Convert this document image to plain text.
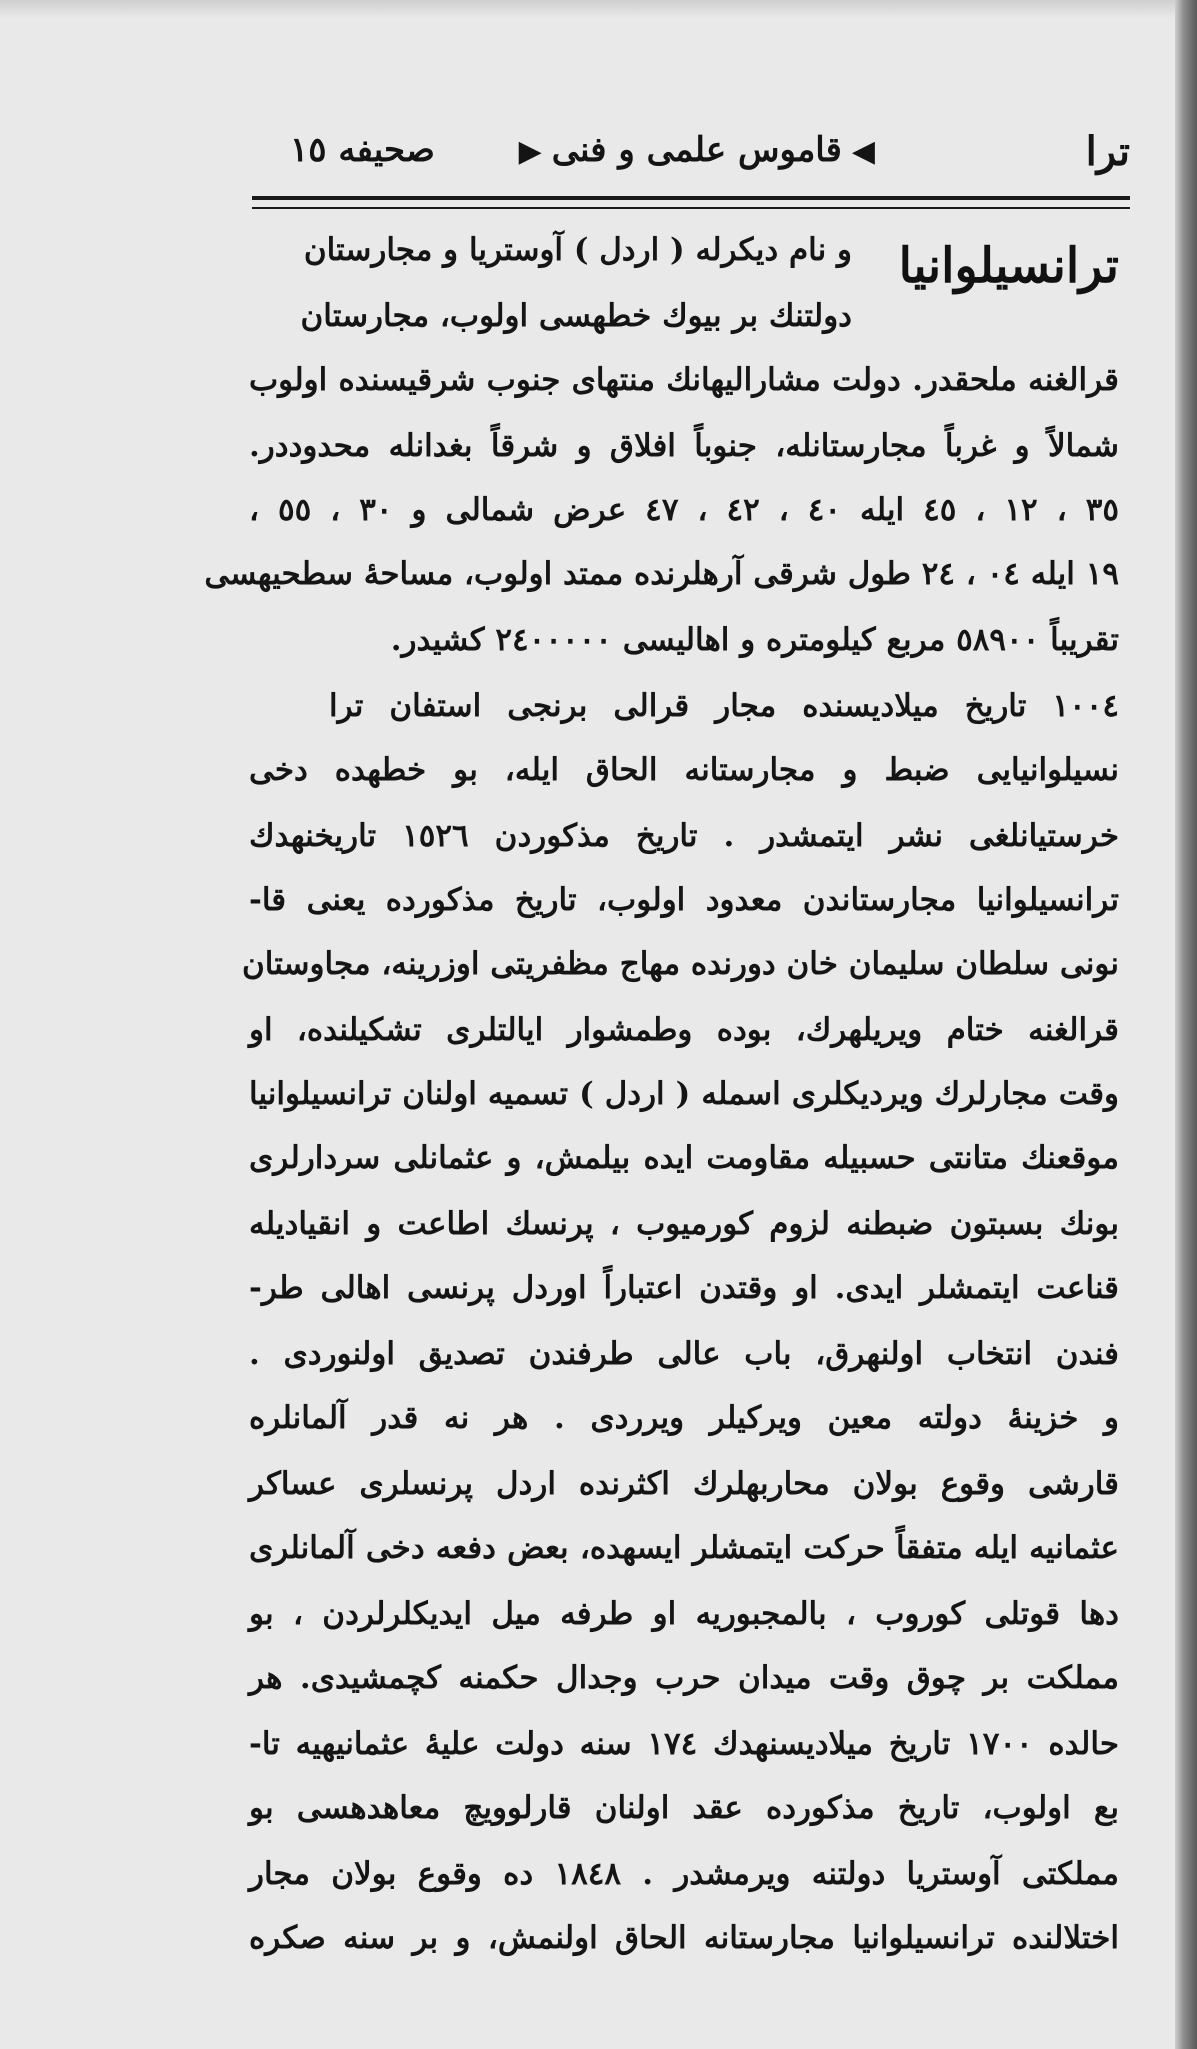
ترا
◀قاموس علمی و فنی▶
صحیفه ١٥
ترانسیلوانیا
و نام دیکرله ( اردل ) آوستریا و مجارستان
دولتنك بر بیوك خطهسی اولوب، مجارستان
قرالغنه ملحقدر. دولت مشارالیهانك منتهای جنوب شرقیسنده اولوب
شمالاً و غرباً مجارستانله، جنوباً افلاق و شرقاً بغدانله محدوددر.
٣٥ ، ١٢ ، ٤٥ ایله ٤٠ ، ٤٢ ، ٤٧ عرض شمالی و ٣٠ ، ٥٥ ،
١٩ ایله ٠٤ ، ٢٤ طول شرقی آرهلرنده ممتد اولوب، مساحهٔ سطحیهسی
تقریباً ٥٨٩٠٠ مربع کیلومتره و اهالیسی ٢٤٠٠٠٠٠ کشیدر.
١٠٠٤ تاریخ میلادیسنده مجار قرالی برنجی استفان ترا
نسیلوانیایی ضبط و مجارستانه الحاق ایله، بو خطهده دخی
خرستیانلغی نشر ایتمشدر . تاریخ مذکوردن ١٥٢٦ تاریخنهدك
ترانسیلوانیا مجارستاندن معدود اولوب، تاریخ مذکورده یعنی قا-
نونی سلطان سلیمان خان دورنده مهاج مظفریتی اوزرینه، مجاوستان
قرالغنه ختام ویریلهرك، بوده وطمشوار ایالتلری تشکیلنده، او
وقت مجارلرك ویردیکلری اسمله ( اردل ) تسمیه اولنان ترانسیلوانیا
موقعنك متانتی حسبیله مقاومت ایده بیلمش، و عثمانلی سردارلری
بونك بسبتون ضبطنه لزوم کورمیوب ، پرنسك اطاعت و انقیادیله
قناعت ایتمشلر ایدی. او وقتدن اعتباراً اوردل پرنسی اهالی طر-
فندن انتخاب اولنهرق، باب عالی طرفندن تصدیق اولنوردی .
و خزینهٔ دولته معین ویرکیلر ویرردی . هر نه قدر آلمانلره
قارشی وقوع بولان محاربهلرك اکثرنده اردل پرنسلری عساکر
عثمانیه ایله متفقاً حرکت ایتمشلر ایسهده، بعض دفعه دخی آلمانلری
دها قوتلی کوروب ، بالمجبوریه او طرفه میل ایدیکلرلردن ، بو
مملکت بر چوق وقت میدان حرب وجدال حکمنه کچمشیدی. هر
حالده ١٧٠٠ تاریخ میلادیسنهدك ١٧٤ سنه دولت علیهٔ عثمانیهیه تا-
بع اولوب، تاریخ مذکورده عقد اولنان قارلوویچ معاهدهسی بو
مملکتی آوستریا دولتنه ویرمشدر . ١٨٤٨ ده وقوع بولان مجار
اختلالنده ترانسیلوانیا مجارستانه الحاق اولنمش، و بر سنه صکره
